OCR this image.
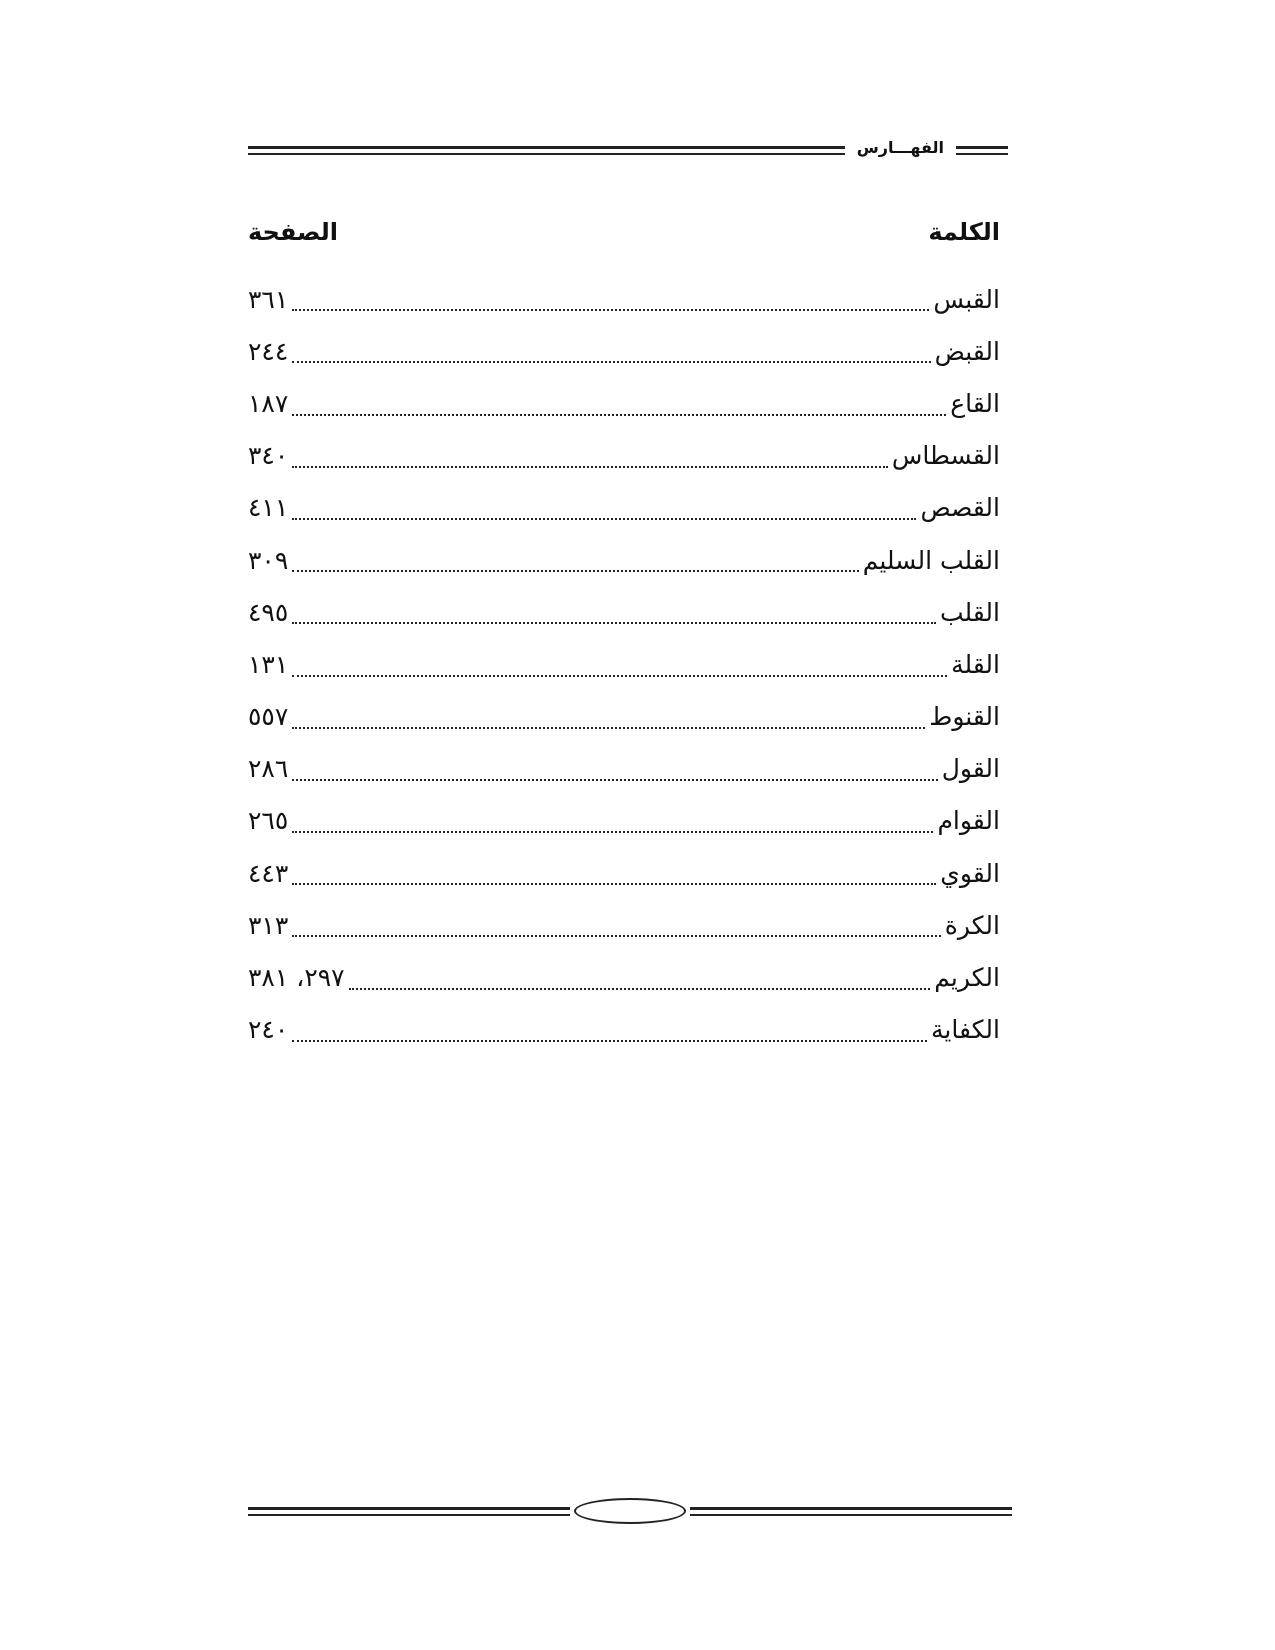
الفهـــارس
الكلمة
الصفحة
القبس
٣٦١
القبض
٢٤٤
القاع
١٨٧
القسطاس
٣٤٠
القصص
٤١١
القلب السليم
٣٠٩
القلب
٤٩٥
القلة
١٣١
القنوط
٥٥٧
القول
٢٨٦
القوام
٢٦٥
القوي
٤٤٣
الكرة
٣١٣
الكريم
٢٩٧، ٣٨١
الكفاية
٢٤٠
